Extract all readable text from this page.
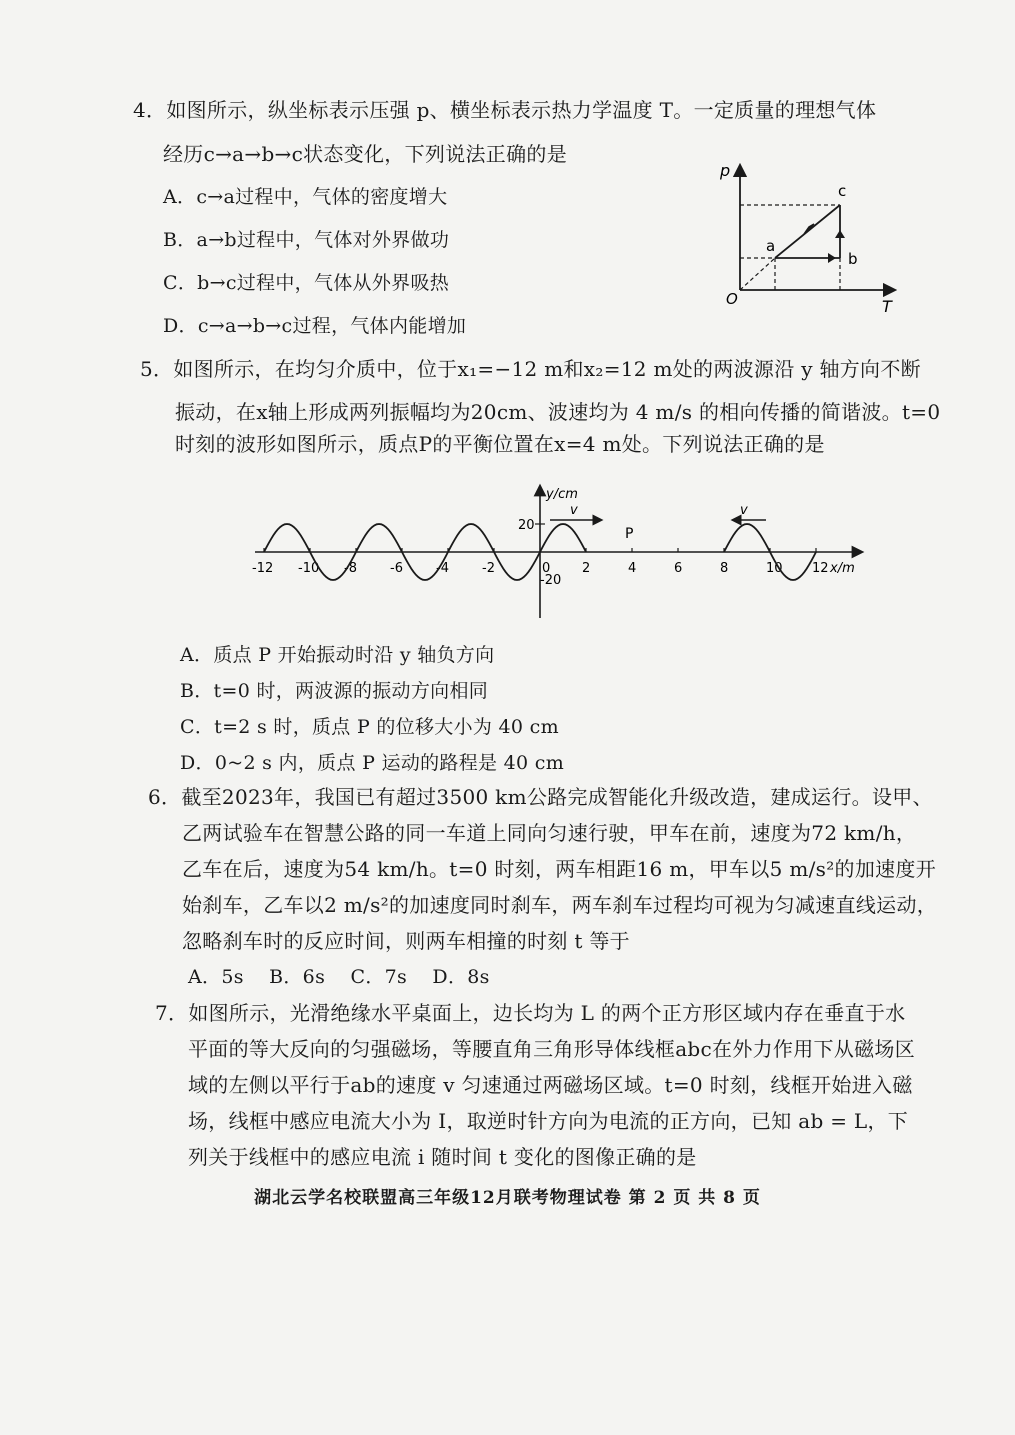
4．如图所示，纵坐标表示压强 p、横坐标表示热力学温度 T。一定质量的理想气体
经历c→a→b→c状态变化，下列说法正确的是
A．c→a过程中，气体的密度增大
B．a→b过程中，气体对外界做功
C．b→c过程中，气体从外界吸热
D．c→a→b→c过程，气体内能增加
p
T
O
a
b
c
5．如图所示，在均匀介质中，位于x₁=−12 m和x₂=12 m处的两波源沿 y 轴方向不断
振动，在x轴上形成两列振幅均为20cm、波速均为 4 m/s 的相向传播的简谐波。t=0
时刻的波形如图所示，质点P的平衡位置在x=4 m处。下列说法正确的是
y/cm
x/m
20
-20
0
P
v	v
-12 -10 -8	-6	-4	-2	2	4	6	8	10 12
A．质点 P 开始振动时沿 y 轴负方向
B．t=0 时，两波源的振动方向相同
C．t=2 s 时，质点 P 的位移大小为 40 cm
D．0~2 s 内，质点 P 运动的路程是 40 cm
6．截至2023年，我国已有超过3500 km公路完成智能化升级改造，建成运行。设甲、
乙两试验车在智慧公路的同一车道上同向匀速行驶，甲车在前，速度为72 km/h，
乙车在后，速度为54 km/h。t=0 时刻，两车相距16 m，甲车以5 m/s²的加速度开
始刹车，乙车以2 m/s²的加速度同时刹车，两车刹车过程均可视为匀减速直线运动，
忽略刹车时的反应时间，则两车相撞的时刻 t 等于
A．5s    B．6s    C．7s    D．8s
7．如图所示，光滑绝缘水平桌面上，边长均为 L 的两个正方形区域内存在垂直于水
平面的等大反向的匀强磁场，等腰直角三角形导体线框abc在外力作用下从磁场区
域的左侧以平行于ab的速度 v 匀速通过两磁场区域。t=0 时刻，线框开始进入磁
场，线框中感应电流大小为 I，取逆时针方向为电流的正方向，已知 ab = L，下
列关于线框中的感应电流 i 随时间 t 变化的图像正确的是
湖北云学名校联盟高三年级12月联考物理试卷 第 2 页 共 8 页
